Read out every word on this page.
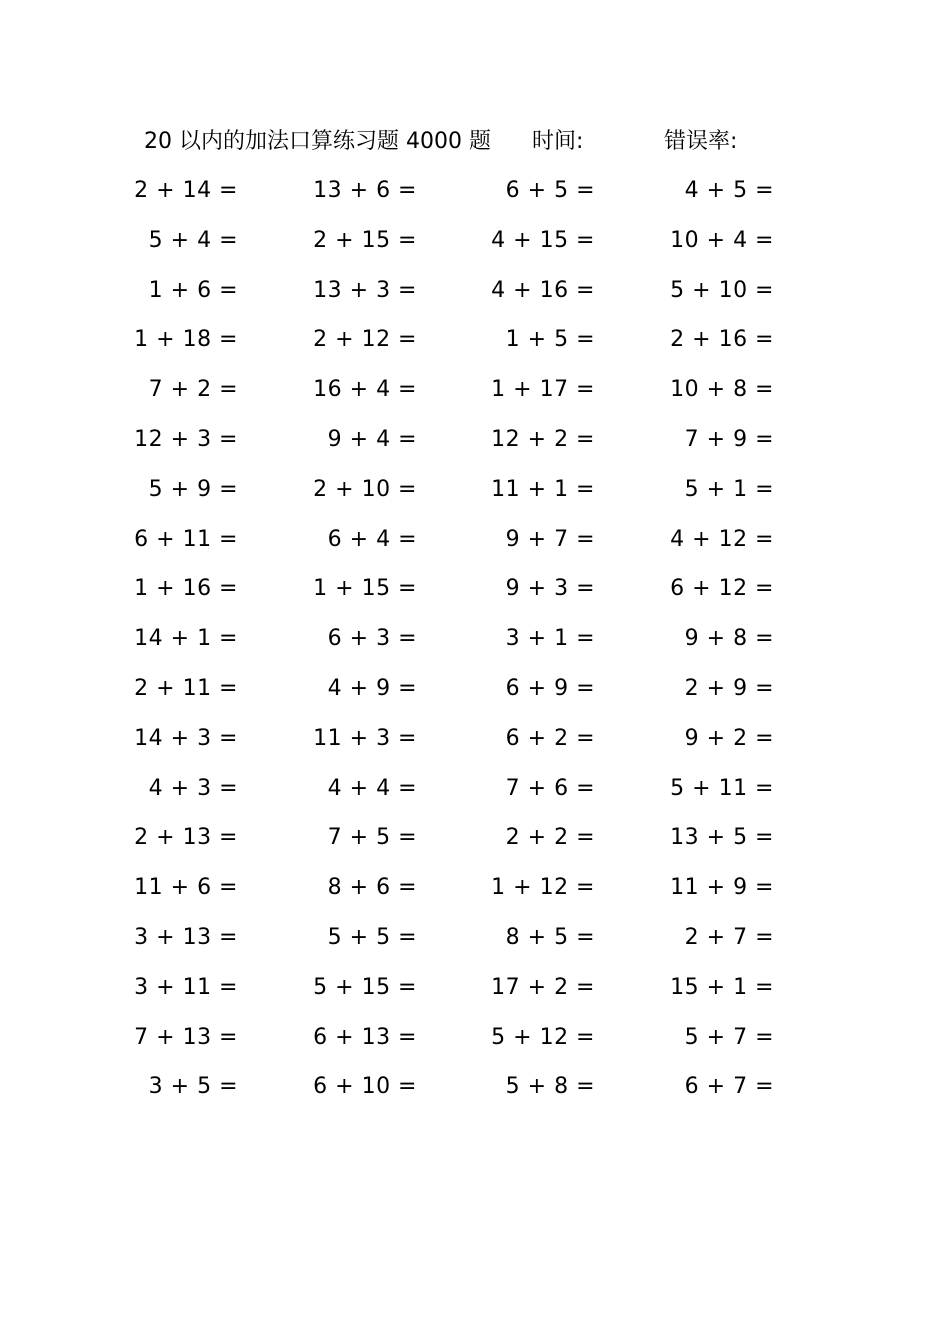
20 以内的加法口算练习题 4000 题 时间:	错误率:
2 + 14 =	13 + 6 =	6 + 5 =	4 + 5 =
5 + 4 =	2 + 15 =	4 + 15 =	10 + 4 =
1 + 6 =	13 + 3 =	4 + 16 =	5 + 10 =
1 + 18 =	2 + 12 =	1 + 5 =	2 + 16 =
7 + 2 =	16 + 4 =	1 + 17 =	10 + 8 =
12 + 3 =	9 + 4 =	12 + 2 =	7 + 9 =
5 + 9 =	2 + 10 =	11 + 1 =	5 + 1 =
6 + 11 =	6 + 4 =	9 + 7 =	4 + 12 =
1 + 16 =	1 + 15 =	9 + 3 =	6 + 12 =
14 + 1 =	6 + 3 =	3 + 1 =	9 + 8 =
2 + 11 =	4 + 9 =	6 + 9 =	2 + 9 =
14 + 3 =	11 + 3 =	6 + 2 =	9 + 2 =
4 + 3 =	4 + 4 =	7 + 6 =	5 + 11 =
2 + 13 =	7 + 5 =	2 + 2 =	13 + 5 =
11 + 6 =	8 + 6 =	1 + 12 =	11 + 9 =
3 + 13 =	5 + 5 =	8 + 5 =	2 + 7 =
3 + 11 =	5 + 15 =	17 + 2 =	15 + 1 =
7 + 13 =	6 + 13 =	5 + 12 =	5 + 7 =
3 + 5 =	6 + 10 =	5 + 8 =	6 + 7 =
